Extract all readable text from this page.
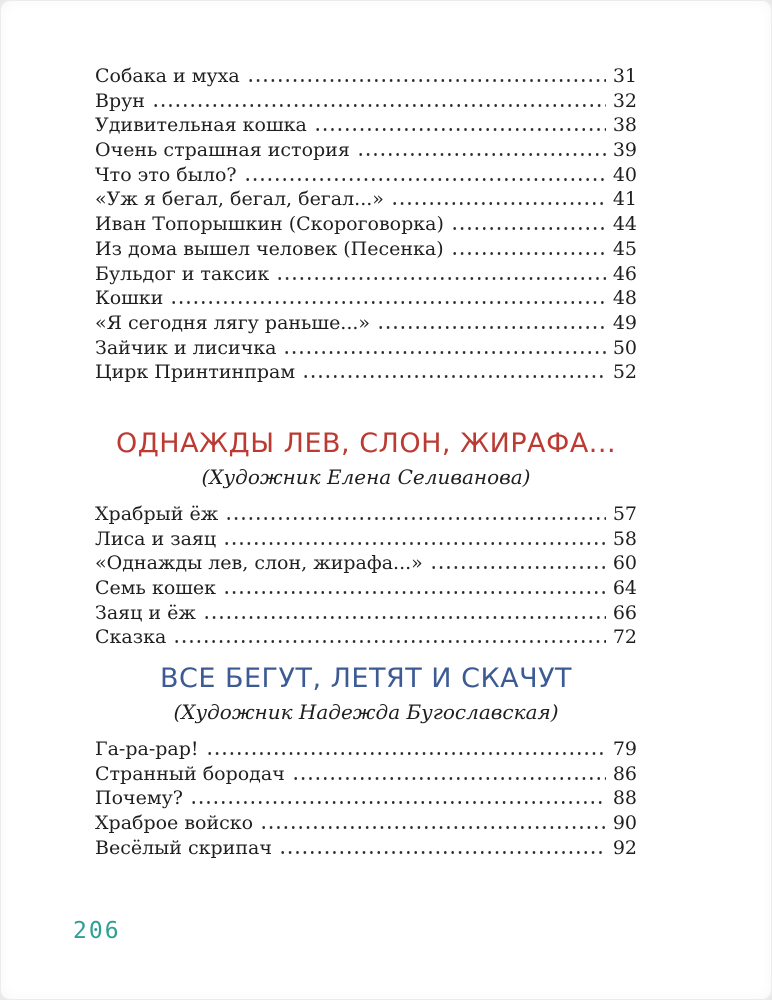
Собака и муха	31
Врун	32
Удивительная кошка	38
Очень страшная история	39
Что это было?	40
«Уж я бегал, бегал, бегал...»	41
Иван Топорышкин (Скороговорка)	44
Из дома вышел человек (Песенка)	45
Бульдог и таксик	46
Кошки	48
«Я сегодня лягу раньше...»	49
Зайчик и лисичка	50
Цирк Принтинпрам	52
ОДНАЖДЫ ЛЕВ, СЛОН, ЖИРАФА...

(Художник Елена Селиванова)

Храбрый ёж	57
Лиса и заяц	58
«Однажды лев, слон, жирафа...»	60
Семь кошек	64
Заяц и ёж	66
Сказка	72
ВСЕ БЕГУТ, ЛЕТЯТ И СКАЧУТ

(Художник Надежда Бугославская)

Га-ра-рар!	79
Странный бородач	86
Почему?	88
Храброе войско	90
Весёлый скрипач	92
206
